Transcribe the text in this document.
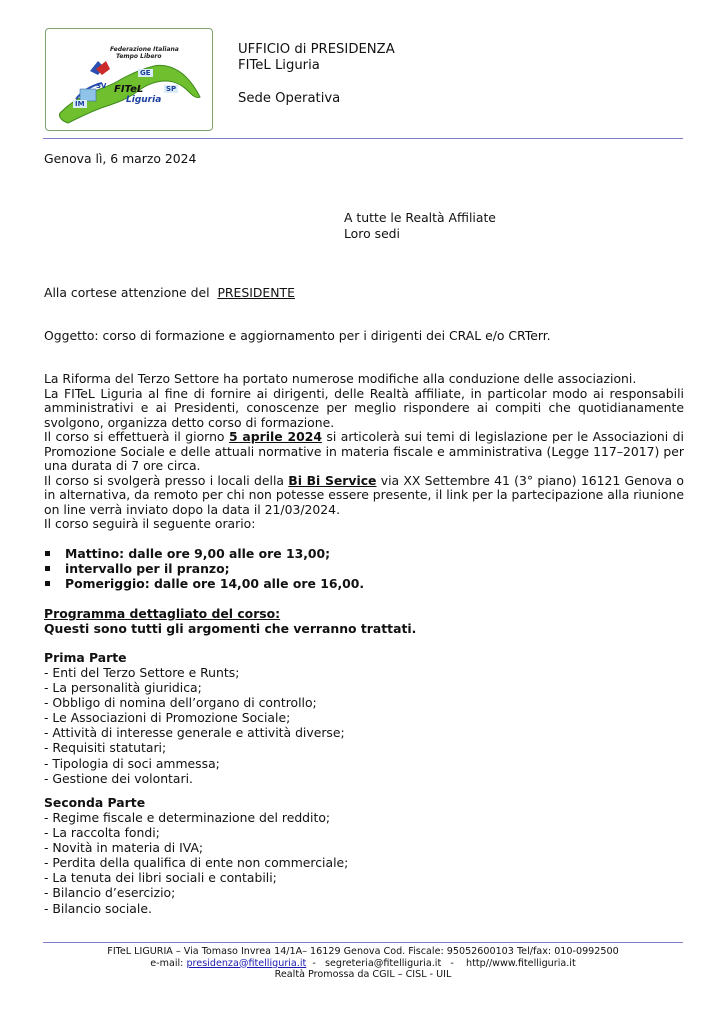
Federazione Italiana
Tempo Libero
FITeL
Liguria
GE
SV	SP
IM
UFFICIO di PRESIDENZA
FITeL Liguria
Sede Operativa
Genova lì, 6 marzo 2024
A tutte le Realtà Affiliate
Loro sedi
Alla cortese attenzione del PRESIDENTE
Oggetto: corso di formazione e aggiornamento per i dirigenti dei CRAL e/o CRTerr.
La Riforma del Terzo Settore ha portato numerose modifiche alla conduzione delle associazioni.
La FITeL Liguria al fine di fornire ai dirigenti, delle Realtà affiliate, in particolar modo ai responsabili amministrativi e ai Presidenti, conoscenze per meglio rispondere ai compiti che quotidianamente svolgono, organizza detto corso di formazione.
Il corso si effettuerà il giorno 5 aprile 2024 si articolerà sui temi di legislazione per le Associazioni di Promozione Sociale e delle attuali normative in materia fiscale e amministrativa (Legge 117–2017) per una durata di 7 ore circa.
Il corso si svolgerà presso i locali della Bi Bi Service via XX Settembre 41 (3° piano) 16121 Genova o in alternativa, da remoto per chi non potesse essere presente, il link per la partecipazione alla riunione on line verrà inviato dopo la data il 21/03/2024.
Il corso seguirà il seguente orario:
Mattino: dalle ore 9,00 alle ore 13,00;
intervallo per il pranzo;
Pomeriggio: dalle ore 14,00 alle ore 16,00.
Programma dettagliato del corso:
Questi sono tutti gli argomenti che verranno trattati.
Prima Parte
- Enti del Terzo Settore e Runts;
- La personalità giuridica;
- Obbligo di nomina dell’organo di controllo;
- Le Associazioni di Promozione Sociale;
- Attività di interesse generale e attività diverse;
- Requisiti statutari;
- Tipologia di soci ammessa;
- Gestione dei volontari.
Seconda Parte
- Regime fiscale e determinazione del reddito;
- La raccolta fondi;
- Novità in materia di IVA;
- Perdita della qualifica di ente non commerciale;
- La tenuta dei libri sociali e contabili;
- Bilancio d’esercizio;
- Bilancio sociale.
FITeL LIGURIA – Via Tomaso Invrea 14/1A– 16129 Genova Cod. Fiscale: 95052600103 Tel/fax: 010-0992500
e-mail: presidenza@fitelliguria.it  -   segreteria@fitelliguria.it   -    http//www.fitelliguria.it
Realtà Promossa da CGIL – CISL - UIL
